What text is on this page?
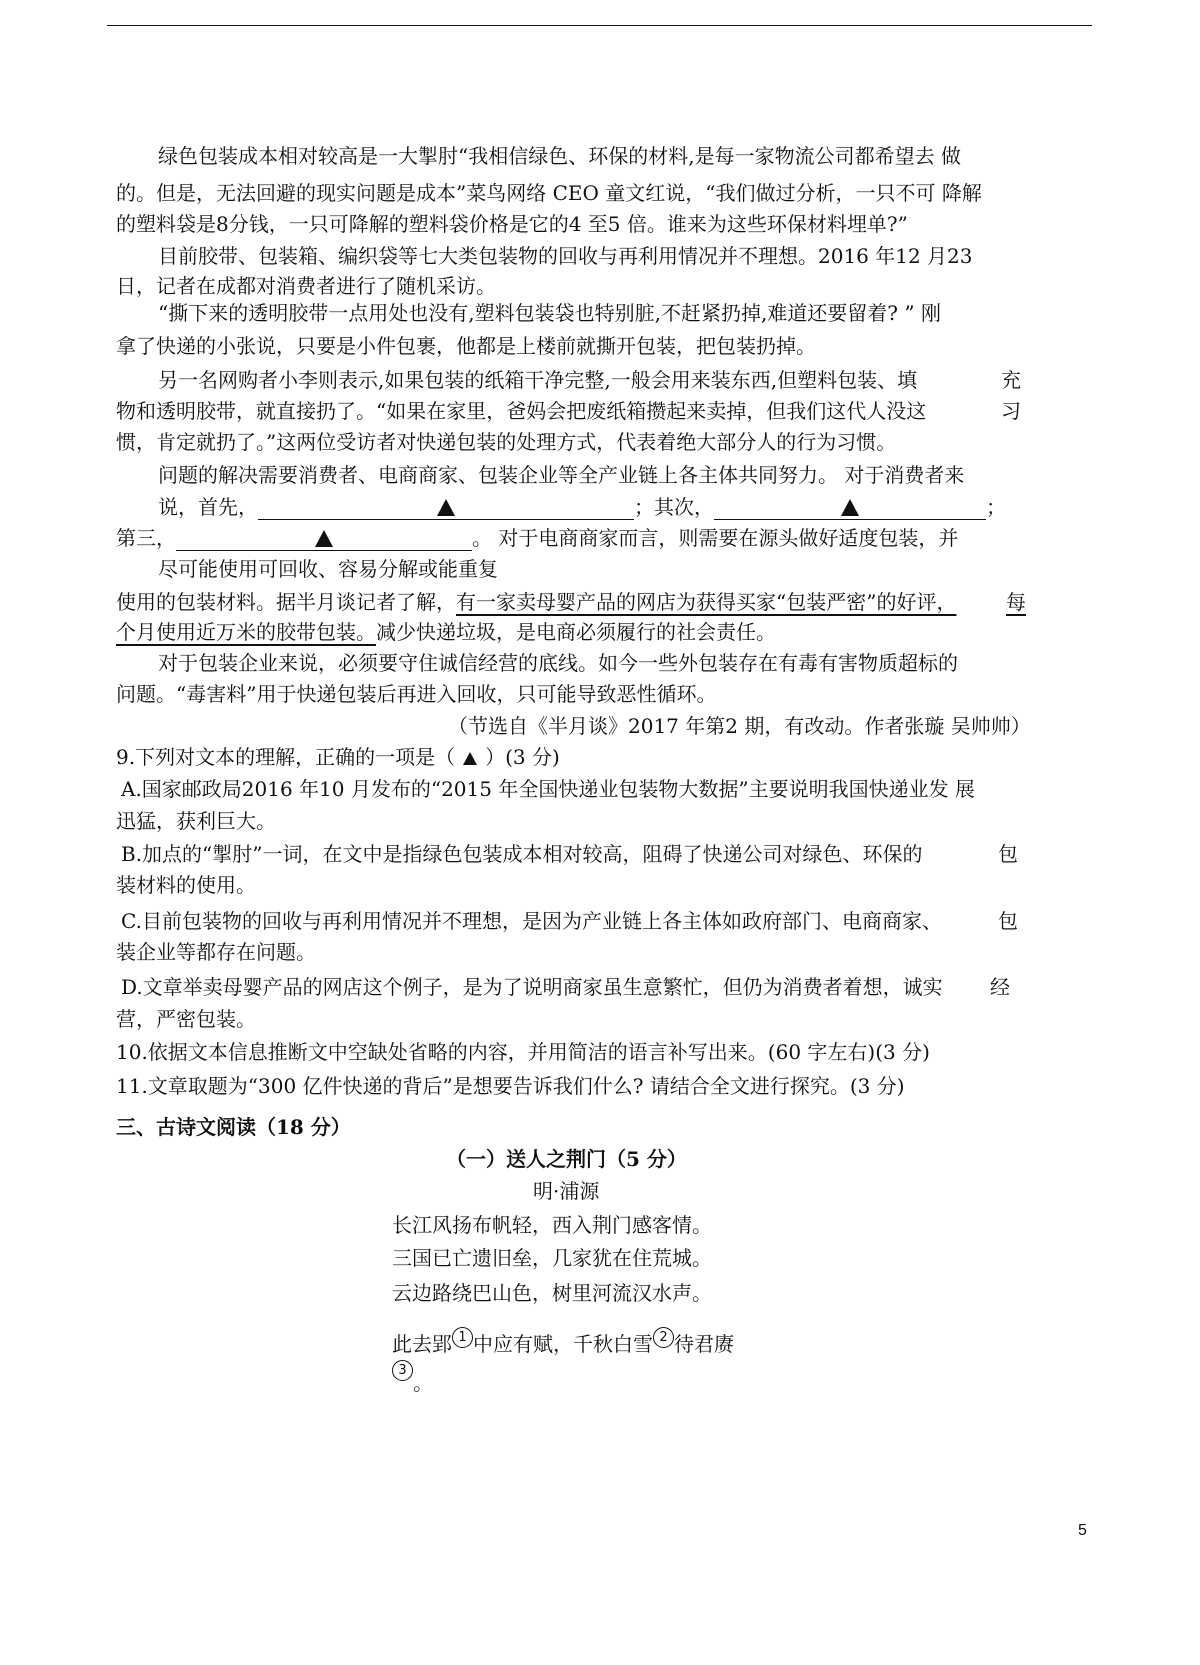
绿色包装成本相对较高是一大掣肘“我相信绿色、环保的材料,是每一家物流公司都希望去 做
的。但是，无法回避的现实问题是成本”菜鸟网络 CEO 童文红说，“我们做过分析，一只不可 降解
的塑料袋是8分钱，一只可降解的塑料袋价格是它的4 至5 倍。谁来为这些环保材料埋单?”
目前胶带、包装箱、编织袋等七大类包装物的回收与再利用情况并不理想。2016 年12 月23
日，记者在成都对消费者进行了随机采访。
“撕下来的透明胶带一点用处也没有,塑料包装袋也特别脏,不赶紧扔掉,难道还要留着? ” 刚
拿了快递的小张说，只要是小件包裹，他都是上楼前就撕开包装，把包装扔掉。
另一名网购者小李则表示,如果包装的纸箱干净完整,一般会用来装东西,但塑料包装、填	充
物和透明胶带，就直接扔了。“如果在家里，爸妈会把废纸箱攒起来卖掉，但我们这代人没这	习
惯，肯定就扔了。”这两位受访者对快递包装的处理方式，代表着绝大部分人的行为习惯。
问题的解决需要消费者、电商商家、包装企业等全产业链上各主体共同努力。 对于消费者来
说，首先，	；其次，	；
第三，	。 对于电商商家而言，则需要在源头做好适度包装，并
尽可能使用可回收、容易分解或能重复
使用的包装材料。据半月谈记者了解，有一家卖母婴产品的网店为获得买家“包装严密”的好评， 每
个月使用近万米的胶带包装。减少快递垃圾，是电商必须履行的社会责任。
对于包装企业来说，必须要守住诚信经营的底线。如今一些外包装存在有毒有害物质超标的
问题。“毒害料”用于快递包装后再进入回收，只可能导致恶性循环。
（节选自《半月谈》2017 年第2 期，有改动。作者张璇 吴帅帅）
9.下列对文本的理解，正确的一项是（ ）(3 分)
A.国家邮政局2016 年10 月发布的“2015 年全国快递业包装物大数据”主要说明我国快递业发 展
迅猛，获利巨大。
B.加点的“掣肘”一词，在文中是指绿色包装成本相对较高，阻碍了快递公司对绿色、环保的	包
装材料的使用。
C.目前包装物的回收与再利用情况并不理想，是因为产业链上各主体如政府部门、电商商家、	包
装企业等都存在问题。
D.文章举卖母婴产品的网店这个例子，是为了说明商家虽生意繁忙，但仍为消费者着想，诚实 经
营，严密包装。
10.依据文本信息推断文中空缺处省略的内容，并用简洁的语言补写出来。(60 字左右)(3 分)
11.文章取题为“300 亿件快递的背后”是想要告诉我们什么? 请结合全文进行探究。(3 分)
三、古诗文阅读（18 分）
（一）送人之荆门（5 分）
明·浦源
长江风扬布帆轻，西入荆门感客情。
三国已亡遗旧垒，几家犹在住荒城。
云边路绕巴山色，树里河流汉水声。
此去郢 1 中应有赋，千秋白雪 2 待君赓
3。
5
